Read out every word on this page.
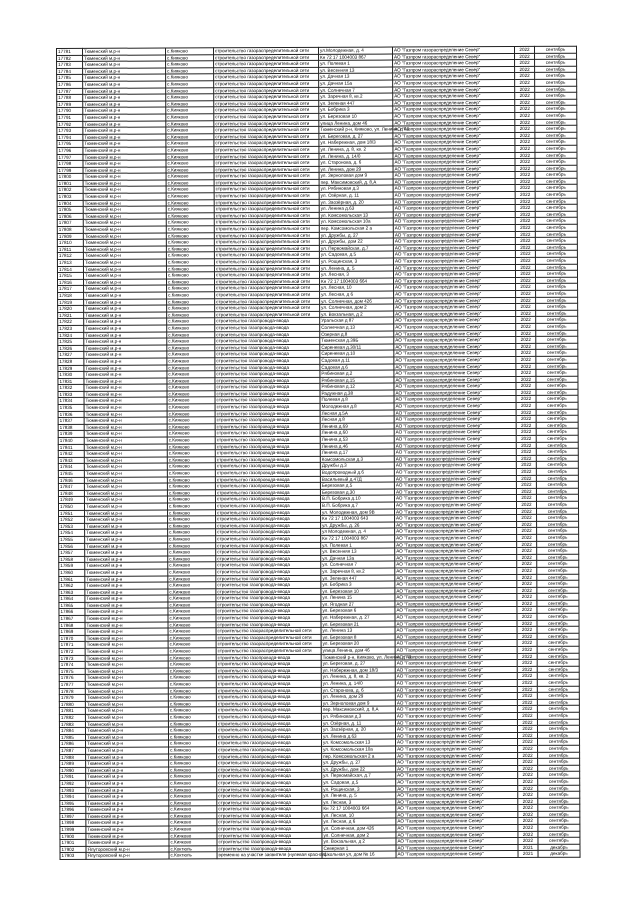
17781	Тюменский м.р-н	с.Кияково	строительство газораспределительной сети	ул.Молодежная, д. 4	АО "Газпром газораспределение Север"	2022	сентябрь
17782	Тюменский м.р-н	с.Кияково	строительство газораспределительной сети	Кн 72 17 1004003 867	АО "Газпром газораспределение Север"	2022	сентябрь
17783	Тюменский м.р-н	с.Кияково	строительство газораспределительной сети	ул. Полевая 1	АО "Газпром газораспределение Север"	2022	сентябрь
17784	Тюменский м.р-н	с.Кияково	строительство газораспределительной сети	ул. Весенняя 13	АО "Газпром газораспределение Север"	2022	сентябрь
17785	Тюменский м.р-н	с.Кияково	строительство газораспределительной сети	ул. Дачная 13	АО "Газпром газораспределение Север"	2022	сентябрь
17786	Тюменский м.р-н	с.Кияково	строительство газораспределительной сети	ул. Дачная 15а	АО "Газпром газораспределение Север"	2022	сентябрь
17787	Тюменский м.р-н	с.Кияково	строительство газораспределительной сети	ул. Солнечная 7	АО "Газпром газораспределение Север"	2022	сентябрь
17788	Тюменский м.р-н	с.Кияково	строительство газораспределительной сети	ул. Заречная 8, кв.2	АО "Газпром газораспределение Север"	2022	сентябрь
17789	Тюменский м.р-н	с.Кияково	строительство газораспределительной сети	ул. Зеленая 447	АО "Газпром газораспределение Север"	2022	сентябрь
17790	Тюменский м.р-н	с.Кияково	строительство газораспределительной сети	ул. Бобрика 3	АО "Газпром газораспределение Север"	2022	сентябрь
17791	Тюменский м.р-н	с.Кияково	строительство газораспределительной сети	ул. Березовая 10	АО "Газпром газораспределение Север"	2022	сентябрь
17792	Тюменский м.р-н	с.Кияково	строительство газораспределительной сети	улица Ленина, дом 46	АО "Газпром газораспределение Север"	2022	сентябрь
17793	Тюменский м.р-н	с.Кияково	строительство газораспределительной сети	Тюменский р-н, Кияково, ул. Ленина, д 43	АО "Газпром газораспределение Север"	2022	сентябрь
17794	Тюменский м.р-н	с.Кияково	строительство газораспределительной сети	ул. Береговая, д. 27	АО "Газпром газораспределение Север"	2022	сентябрь
17795	Тюменский м.р-н	с.Кияково	строительство газораспределительной сети	ул. Набережная, дом 18/3	АО "Газпром газораспределение Север"	2022	сентябрь
17796	Тюменский м.р-н	с.Кияково	строительство газораспределительной сети	ул. Ленина, д. 8, кв. 2	АО "Газпром газораспределение Север"	2022	сентябрь
17797	Тюменский м.р-н	с.Кияково	строительство газораспределительной сети	ул. Ленина, д. 14/0	АО "Газпром газораспределение Север"	2022	сентябрь
17798	Тюменский м.р-н	с.Кияково	строительство газораспределительной сети	ул. Старонова, д. 6	АО "Газпром газораспределение Север"	2022	сентябрь
17799	Тюменский м.р-н	с.Кияково	строительство газораспределительной сети	ул. Ленина, дом 29	АО "Газпром газораспределение Север"	2022	сентябрь
17800	Тюменский м.р-н	с.Кияково	строительство газораспределительной сети	ул. Зерноловая дом 9	АО "Газпром газораспределение Север"	2022	сентябрь
17801	Тюменский м.р-н	с.Кияково	строительство газораспределительной сети	пер. Максимовский, д. 8,А	АО "Газпром газораспределение Север"	2022	сентябрь
17802	Тюменский м.р-н	с.Кияково	строительство газораспределительной сети	ул. Рябиновая д.3	АО "Газпром газораспределение Север"	2022	сентябрь
17803	Тюменский м.р-н	с.Кияково	строительство газораспределительной сети	ул. Озёрная, д. 11	АО "Газпром газораспределение Север"	2022	сентябрь
17804	Тюменский м.р-н	с.Кияково	строительство газораспределительной сети	ул. Заозёрная, д. 20	АО "Газпром газораспределение Север"	2022	сентябрь
17805	Тюменский м.р-н	с.Кияково	строительство газораспределительной сети	ул. Ленина д.63	АО "Газпром газораспределение Север"	2022	сентябрь
17806	Тюменский м.р-н	с.Кияково	строительство газораспределительной сети	ул. Комсомольская 13	АО "Газпром газораспределение Север"	2022	сентябрь
17807	Тюменский м.р-н	с.Кияково	строительство газораспределительной сети	ул. Комсомольская 10а	АО "Газпром газораспределение Север"	2022	сентябрь
17808	Тюменский м.р-н	с.Кияково	строительство газораспределительной сети	пер. Комсомольская 2 а	АО "Газпром газораспределение Север"	2022	сентябрь
17809	Тюменский м.р-н	с.Кияково	строительство газораспределительной сети	ул. Дружбы, д. 27	АО "Газпром газораспределение Север"	2022	сентябрь
17810	Тюменский м.р-н	с.Кияково	строительство газораспределительной сети	ул. Дружбы, дом 22	АО "Газпром газораспределение Север"	2022	сентябрь
17811	Тюменский м.р-н	с.Кияково	строительство газораспределительной сети	ул. Первомайская, д.7	АО "Газпром газораспределение Север"	2022	сентябрь
17812	Тюменский м.р-н	с.Кияково	строительство газораспределительной сети	ул. Садовая, д.5	АО "Газпром газораспределение Север"	2022	сентябрь
17813	Тюменский м.р-н	с.Кияково	строительство газораспределительной сети	ул. Рощинская, 3	АО "Газпром газораспределение Север"	2022	сентябрь
17814	Тюменский м.р-н	с.Кияково	строительство газораспределительной сети	ул. Ленина, д. 5	АО "Газпром газораспределение Север"	2022	сентябрь
17815	Тюменский м.р-н	с.Кияково	строительство газораспределительной сети	ул. Лесная, 3	АО "Газпром газораспределение Север"	2022	сентябрь
17816	Тюменский м.р-н	с.Кияково	строительство газораспределительной сети	Кн 72 17 1004003 664	АО "Газпром газораспределение Север"	2022	сентябрь
17817	Тюменский м.р-н	с.Кияково	строительство газораспределительной сети	ул. Лесная, 10	АО "Газпром газораспределение Север"	2022	сентябрь
17818	Тюменский м.р-н	с.Кияково	строительство газораспределительной сети	ул. Лесная, д 6	АО "Газпром газораспределение Север"	2022	сентябрь
17819	Тюменский м.р-н	с.Кияково	строительство газораспределительной сети	ул. Солнечная, дом 426	АО "Газпром газораспределение Север"	2022	сентябрь
17820	Тюменский м.р-н	с.Кияково	строительство газораспределительной сети	ул. Солнечная, дом 2	АО "Газпром газораспределение Север"	2022	сентябрь
17821	Тюменский м.р-н	с.Кияково	строительство газораспределительной сети	ул. Вокзальная, д 2	АО "Газпром газораспределение Север"	2022	сентябрь
17822	Тюменский м.р-н	с.Кияково	строительство газопровода-ввода	Уральская д 87	АО "Газпром газораспределение Север"	2022	сентябрь
17823	Тюменский м.р-н	с.Кияково	строительство газопровода-ввода	Солнечная д.13	АО "Газпром газораспределение Север"	2022	сентябрь
17824	Тюменский м.р-н	с.Кияково	строительство газопровода-ввода	Озерная д.8	АО "Газпром газораспределение Север"	2022	сентябрь
17825	Тюменский м.р-н	с.Кияково	строительство газопровода-ввода	Тюменская д.39Б	АО "Газпром газораспределение Север"	2022	сентябрь
17826	Тюменский м.р-н	с.Кияково	строительство газопровода-ввода	Сиреневая д.30/11	АО "Газпром газораспределение Север"	2022	сентябрь
17827	Тюменский м.р-н	с.Кияково	строительство газопровода-ввода	Сиреневая д.10	АО "Газпром газораспределение Север"	2022	сентябрь
17828	Тюменский м.р-н	с.Кияково	строительство газопровода-ввода	Садовая д.11	АО "Газпром газораспределение Север"	2022	сентябрь
17829	Тюменский м.р-н	с.Кияково	строительство газопровода-ввода	Садовая д.6	АО "Газпром газораспределение Север"	2022	сентябрь
17830	Тюменский м.р-н	с.Кияково	строительство газопровода-ввода	Рябиновая д.2	АО "Газпром газораспределение Север"	2022	сентябрь
17831	Тюменский м.р-н	с.Кияково	строительство газопровода-ввода	Рябиновая д.15	АО "Газпром газораспределение Север"	2022	сентябрь
17832	Тюменский м.р-н	с.Кияково	строительство газопровода-ввода	Рябиновая д.12	АО "Газпром газораспределение Север"	2022	сентябрь
17833	Тюменский м.р-н	с.Кияково	строительство газопровода-ввода	Радужная д.38	АО "Газпром газораспределение Север"	2022	сентябрь
17834	Тюменский м.р-н	с.Кияково	строительство газопровода-ввода	Полевая д.8	АО "Газпром газораспределение Север"	2022	сентябрь
17835	Тюменский м.р-н	с.Кияково	строительство газопровода-ввода	Молодежная д.8	АО "Газпром газораспределение Север"	2022	сентябрь
17836	Тюменский м.р-н	с.Кияково	строительство газопровода-ввода	Лесная д.5А	АО "Газпром газораспределение Север"	2022	сентябрь
17837	Тюменский м.р-н	с.Кияково	строительство газопровода-ввода	Лесная д.8	АО "Газпром газораспределение Север"	2022	сентябрь
17838	Тюменский м.р-н	с.Кияково	строительство газопровода-ввода	Ленина д.69	АО "Газпром газораспределение Север"	2022	сентябрь
17839	Тюменский м.р-н	с.Кияково	строительство газопровода-ввода	Ленина д.60	АО "Газпром газораспределение Север"	2022	сентябрь
17840	Тюменский м.р-н	с.Кияково	строительство газопровода-ввода	Ленина д.53	АО "Газпром газораспределение Север"	2022	сентябрь
17841	Тюменский м.р-н	с.Кияково	строительство газопровода-ввода	Ленина д.46	АО "Газпром газораспределение Север"	2022	сентябрь
17842	Тюменский м.р-н	с.Кияково	строительство газопровода-ввода	Ленина д.17	АО "Газпром газораспределение Север"	2022	сентябрь
17843	Тюменский м.р-н	с.Кияково	строительство газопровода-ввода	Комсомольская д.3	АО "Газпром газораспределение Север"	2022	сентябрь
17844	Тюменский м.р-н	с.Кияково	строительство газопровода-ввода	Дружбы д.3	АО "Газпром газораспределение Север"	2022	сентябрь
17845	Тюменский м.р-н	с.Кияково	строительство газопровода-ввода	Водопроводный д.6	АО "Газпром газораспределение Север"	2022	сентябрь
17846	Тюменский м.р-н	с.Кияково	строительство газопровода-ввода	Васильевый д.47Д	АО "Газпром газораспределение Север"	2022	сентябрь
17847	Тюменский м.р-н	с.Кияково	строительство газопровода-ввода	Березовая д.5	АО "Газпром газораспределение Север"	2022	сентябрь
17848	Тюменский м.р-н	с.Кияково	строительство газопровода-ввода	Березовая д.30	АО "Газпром газораспределение Север"	2022	сентябрь
17849	Тюменский м.р-н	с.Кияково	строительство газопровода-ввода	В.П. Бобрика д.10	АО "Газпром газораспределение Север"	2022	сентябрь
17850	Тюменский м.р-н	с.Кияково	строительство газопровода-ввода	В.П. Бобрика д.7	АО "Газпром газораспределение Север"	2022	сентябрь
17851	Тюменский м.р-н	с.Кияково	строительство газопровода-ввода	ул. Молодежная, дом 9В	АО "Газпром газораспределение Север"	2022	сентябрь
17852	Тюменский м.р-н	с.Кияково	строительство газопровода-ввода	Кн 72 17 1004003 643	АО "Газпром газораспределение Север"	2022	сентябрь
17853	Тюменский м.р-н	с.Кияково	строительство газопровода-ввода	ул. Дружбы, д. 26	АО "Газпром газораспределение Север"	2022	сентябрь
17854	Тюменский м.р-н	с.Кияково	строительство газопровода-ввода	ул Молодежная, д. 4	АО "Газпром газораспределение Север"	2022	сентябрь
17855	Тюменский м.р-н	с.Кияково	строительство газопровода-ввода	Кн 72 17 1004003 867	АО "Газпром газораспределение Север"	2022	сентябрь
17856	Тюменский м.р-н	с.Кияково	строительство газопровода-ввода	ул. Полевая 1	АО "Газпром газораспределение Север"	2022	сентябрь
17857	Тюменский м.р-н	с.Кияково	строительство газопровода-ввода	ул. Весенняя 13	АО "Газпром газораспределение Север"	2022	сентябрь
17858	Тюменский м.р-н	с.Кияково	строительство газопровода-ввода	ул. Дачная 13а	АО "Газпром газораспределение Север"	2022	сентябрь
17859	Тюменский м.р-н	с.Кияково	строительство газопровода-ввода	ул. Солнечная 7	АО "Газпром газораспределение Север"	2022	сентябрь
17860	Тюменский м.р-н	с.Кияково	строительство газопровода-ввода	ул. Заречная 8, кв.2	АО "Газпром газораспределение Север"	2022	сентябрь
17861	Тюменский м.р-н	с.Кияково	строительство газопровода-ввода	ул. Зеленая 447	АО "Газпром газораспределение Север"	2022	сентябрь
17862	Тюменский м.р-н	с.Кияково	строительство газопровода-ввода	ул. Бобрика 3	АО "Газпром газораспределение Север"	2022	сентябрь
17863	Тюменский м.р-н	с.Кияково	строительство газопровода-ввода	ул. Березовая 10	АО "Газпром газораспределение Север"	2022	сентябрь
17864	Тюменский м.р-н	с.Кияково	строительство газопровода-ввода	ул. Ленина 15	АО "Газпром газораспределение Север"	2022	сентябрь
17865	Тюменский м.р-н	с.Кияково	строительство газопровода-ввода	ул. Ягодная 27	АО "Газпром газораспределение Север"	2022	сентябрь
17866	Тюменский м.р-н	с.Кияково	строительство газопровода-ввода	ул. Березовая 6	АО "Газпром газораспределение Север"	2022	сентябрь
17867	Тюменский м.р-н	с.Кияково	строительство газопровода-ввода	ул. Набережная, д. 27	АО "Газпром газораспределение Север"	2022	сентябрь
17868	Тюменский м.р-н	с.Кияково	строительство газопровода-ввода	ул. Березовая 21	АО "Газпром газораспределение Север"	2022	сентябрь
17869	Тюменский м.р-н	с.Кияково	строительство газораспределительной сети	ул. Ленина 13	АО "Газпром газораспределение Север"	2022	сентябрь
17870	Тюменский м.р-н	с.Кияково	строительство газораспределительной сети	ул. Березовая 8	АО "Газпром газораспределение Север"	2022	сентябрь
17871	Тюменский м.р-н	с.Кияково	строительство газораспределительной сети	ул. Березовая 20	АО "Газпром газораспределение Север"	2022	сентябрь
17872	Тюменский м.р-н	с.Кияково	строительство газораспределительной сети	улица Ленина, дом 46	АО "Газпром газораспределение Север"	2022	сентябрь
17873	Тюменский м.р-н	с.Кияково	строительство газопровода-ввода	Тюменский р-н, Кияково, ул. Ленина, д 43	АО "Газпром газораспределение Север"	2022	сентябрь
17874	Тюменский м.р-н	с.Кияково	строительство газопровода-ввода	ул. Береговая, д. 27	АО "Газпром газораспределение Север"	2022	сентябрь
17875	Тюменский м.р-н	с.Кияково	строительство газопровода-ввода	ул. Набережная, дом 18/3	АО "Газпром газораспределение Север"	2022	сентябрь
17876	Тюменский м.р-н	с.Кияково	строительство газопровода-ввода	ул. Ленина, д. 8, кв. 2	АО "Газпром газораспределение Север"	2022	сентябрь
17877	Тюменский м.р-н	с.Кияково	строительство газопровода-ввода	ул. Ленина, д. 14/0	АО "Газпром газораспределение Север"	2022	сентябрь
17878	Тюменский м.р-н	с.Кияково	строительство газопровода-ввода	ул. Старонова, д. 6	АО "Газпром газораспределение Север"	2022	сентябрь
17879	Тюменский м.р-н	с.Кияково	строительство газопровода-ввода	ул. Ленина, дом 29	АО "Газпром газораспределение Север"	2022	сентябрь
17880	Тюменский м.р-н	с.Кияково	строительство газопровода-ввода	ул. Зерноловая дом 9	АО "Газпром газораспределение Север"	2022	сентябрь
17881	Тюменский м.р-н	с.Кияково	строительство газопровода-ввода	пер. Максимовский, д. 8,А	АО "Газпром газораспределение Север"	2022	сентябрь
17882	Тюменский м.р-н	с.Кияково	строительство газопровода-ввода	ул. Рябиновая д.3	АО "Газпром газораспределение Север"	2022	сентябрь
17883	Тюменский м.р-н	с.Кияково	строительство газопровода-ввода	ул. Озёрная, д. 11	АО "Газпром газораспределение Север"	2022	сентябрь
17884	Тюменский м.р-н	с.Кияково	строительство газопровода-ввода	ул. Заозёрная, д. 20	АО "Газпром газораспределение Север"	2022	сентябрь
17885	Тюменский м.р-н	с.Кияково	строительство газопровода-ввода	ул. Ленина д.63	АО "Газпром газораспределение Север"	2022	сентябрь
17886	Тюменский м.р-н	с.Кияково	строительство газопровода-ввода	ул. Комсомольская 13	АО "Газпром газораспределение Север"	2022	сентябрь
17887	Тюменский м.р-н	с.Кияково	строительство газопровода-ввода	ул. Комсомольская 10а	АО "Газпром газораспределение Север"	2022	сентябрь
17888	Тюменский м.р-н	с.Кияково	строительство газопровода-ввода	пер. Комсомольская 2 а	АО "Газпром газораспределение Север"	2022	сентябрь
17889	Тюменский м.р-н	с.Кияково	строительство газопровода-ввода	ул. Дружбы, д. 27	АО "Газпром газораспределение Север"	2022	сентябрь
17890	Тюменский м.р-н	с.Кияково	строительство газопровода-ввода	ул. Дружбы, дом 22	АО "Газпром газораспределение Север"	2022	сентябрь
17891	Тюменский м.р-н	с.Кияково	строительство газопровода-ввода	ул. Первомайская, д.7	АО "Газпром газораспределение Север"	2022	сентябрь
17892	Тюменский м.р-н	с.Кияково	строительство газопровода-ввода	ул. Садовая, д.5	АО "Газпром газораспределение Север"	2022	сентябрь
17893	Тюменский м.р-н	с.Кияково	строительство газопровода-ввода	ул. Рощинская, 3	АО "Газпром газораспределение Север"	2022	сентябрь
17894	Тюменский м.р-н	с.Кияково	строительство газопровода-ввода	ул. Ленина, д. 5	АО "Газпром газораспределение Север"	2022	сентябрь
17895	Тюменский м.р-н	с.Кияково	строительство газопровода-ввода	ул. Лесная, 3	АО "Газпром газораспределение Север"	2022	сентябрь
17896	Тюменский м.р-н	с.Кияково	строительство газопровода-ввода	Кн 72 17 1004003 664	АО "Газпром газораспределение Север"	2022	сентябрь
17897	Тюменский м.р-н	с.Кияково	строительство газопровода-ввода	ул. Лесная, 10	АО "Газпром газораспределение Север"	2022	сентябрь
17898	Тюменский м.р-н	с.Кияково	строительство газопровода-ввода	ул. Лесная, д 6	АО "Газпром газораспределение Север"	2022	сентябрь
17899	Тюменский м.р-н	с.Кияково	строительство газопровода-ввода	ул. Солнечная, дом 426	АО "Газпром газораспределение Север"	2022	сентябрь
17900	Тюменский м.р-н	с.Кияково	строительство газопровода-ввода	ул. Солнечная, дом 2	АО "Газпром газораспределение Север"	2022	сентябрь
17901	Тюменский м.р-н	с.Кияково	строительство газопровода-ввода	ул. Вокзальная, д 2	АО "Газпром газораспределение Север"	2022	сентябрь
17902	Ялуторовский м.р-н	с.Коктюль	строительство газопровода-ввода	Северная 1	АО "Газпром газораспределение Север"	2021	декабрь
17903	Ялуторовский м.р-н	с.Коктюль	временно на участке заявителя (нулевая красная)	Школьная ул, дом № 16	АО "Газпром газораспределение Север"	2021	декабрь
